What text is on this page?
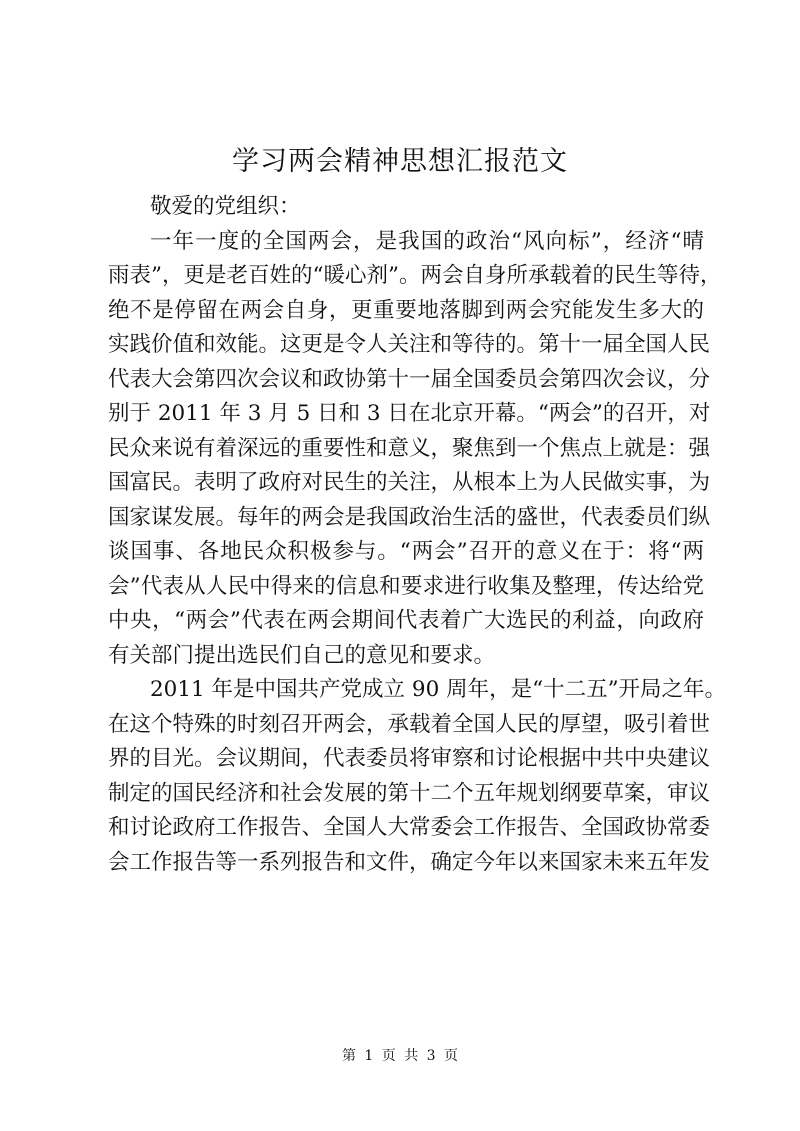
学习两会精神思想汇报范文
敬爱的党组织：
一年一度的全国两会，是我国的政治“风向标”，经济“晴
雨表”，更是老百姓的“暖心剂”。两会自身所承载着的民生等待，
绝不是停留在两会自身，更重要地落脚到两会究能发生多大的
实践价值和效能。这更是令人关注和等待的。第十一届全国人民
代表大会第四次会议和政协第十一届全国委员会第四次会议，分
别于 2011 年 3 月 5 日和 3 日在北京开幕。“两会”的召开，对
民众来说有着深远的重要性和意义，聚焦到一个焦点上就是：强
国富民。表明了政府对民生的关注，从根本上为人民做实事，为
国家谋发展。每年的两会是我国政治生活的盛世，代表委员们纵
谈国事、各地民众积极参与。“两会”召开的意义在于：将“两
会”代表从人民中得来的信息和要求进行收集及整理，传达给党
中央，“两会”代表在两会期间代表着广大选民的利益，向政府
有关部门提出选民们自己的意见和要求。
2011 年是中国共产党成立 90 周年，是“十二五”开局之年。
在这个特殊的时刻召开两会，承载着全国人民的厚望，吸引着世
界的目光。会议期间，代表委员将审察和讨论根据中共中央建议
制定的国民经济和社会发展的第十二个五年规划纲要草案，审议
和讨论政府工作报告、全国人大常委会工作报告、全国政协常委
会工作报告等一系列报告和文件，确定今年以来国家未来五年发
第 1 页 共 3 页
